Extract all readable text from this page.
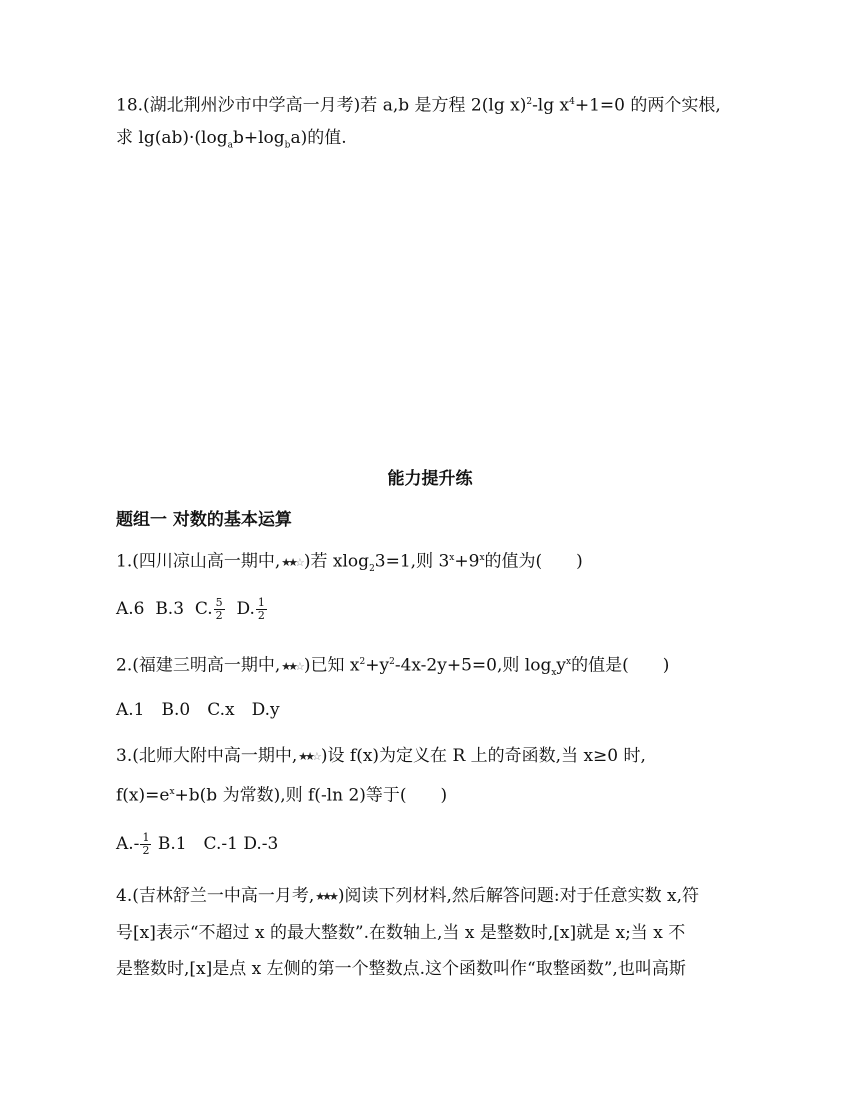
18.(湖北荆州沙市中学高一月考)若 a,b 是方程 2(lg x)$^2$-lg $x^4+1=0$ 的两个实根,
求 $\lg(ab)\cdot(\log_ab+\log_ba)$的值.
能力提升练
题组一 对数的基本运算
1.(四川凉山高一期中,★★☆ )若 xlog$_2$3=1,则 $3^x+9^x$的值为(　　)
A.6 B.3 C. $\frac{5}{2} D$. $\frac{1}{2}$
2.(福建三明高一期中,★★☆ )已知 $x^2+y^2-4x-2y+5=0$,则 $\log_xy^x$的值是(　　)
A.1　B.0　C.x　D.y
3.(北师大附中高一期中,★★☆ )设 f(x)为定义在 R 上的奇函数,当 x≥0 时,
$f(x)=e^x+b(b$ 为常数),则 f(-ln 2)等于(　　)
$A.- \frac{1}{2} B.1$　C.-1 D.-3
4.(吉林舒兰一中高一月考,★★★ )阅读下列材料,然后解答问题:对于任意实数 x,符
号[x]表示“不超过 x 的最大整数”.在数轴上,当 x 是整数时,[x]就是 x;当 x 不
是整数时,[x]是点 x 左侧的第一个整数点.这个函数叫作“取整函数”,也叫高斯
